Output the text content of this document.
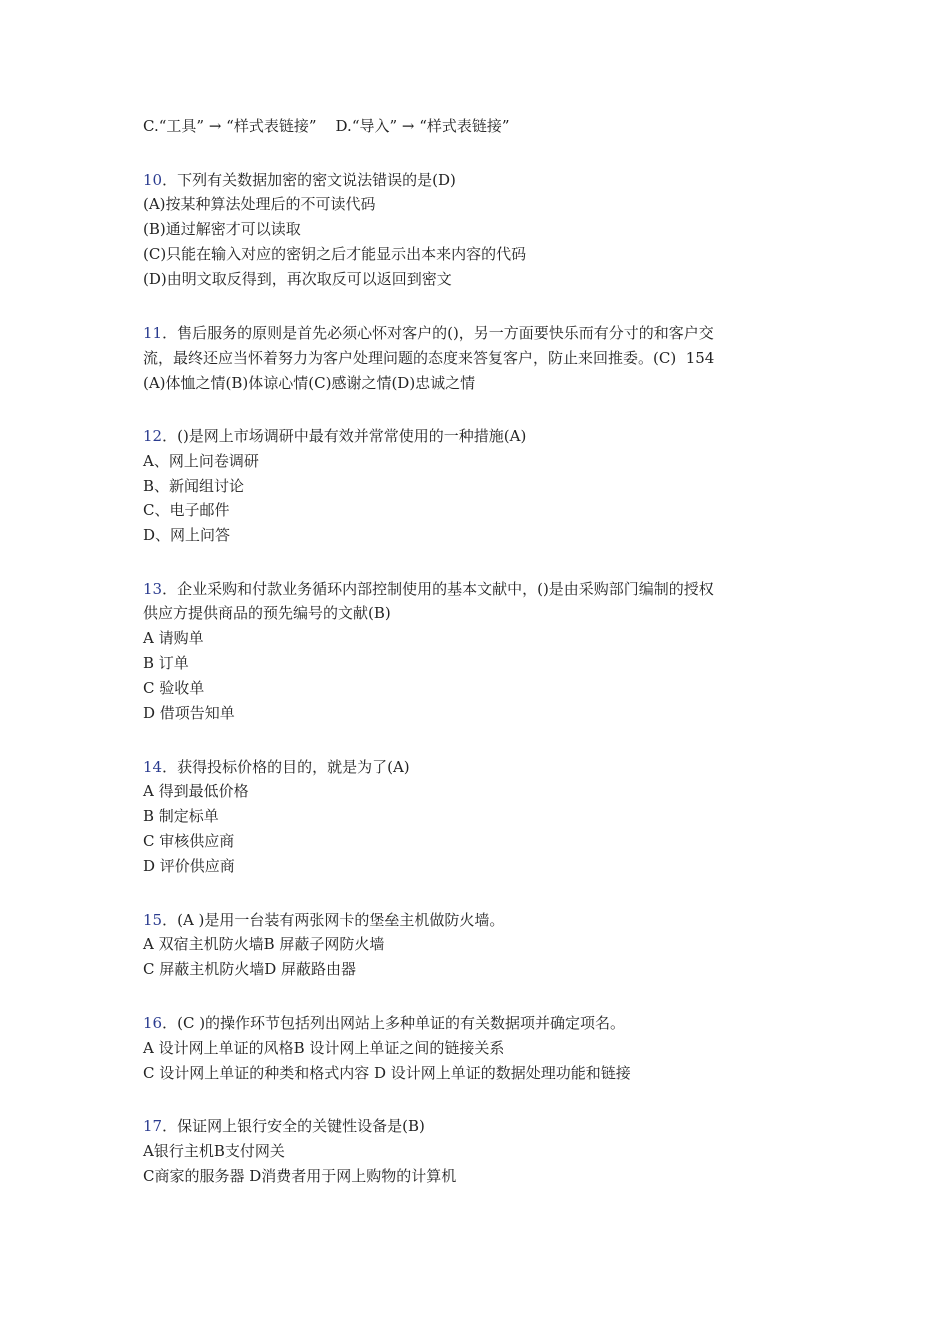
C.“工具” → “样式表链接”    D.“导入” → “样式表链接”
10．下列有关数据加密的密文说法错误的是(D)
(A)按某种算法处理后的不可读代码
(B)通过解密才可以读取
(C)只能在输入对应的密钥之后才能显示出本来内容的代码
(D)由明文取反得到，再次取反可以返回到密文
11．售后服务的原则是首先必须心怀对客户的()，另一方面要快乐而有分寸的和客户交
流，最终还应当怀着努力为客户处理问题的态度来答复客户，防止来回推委。(C)  154
(A)体恤之情(B)体谅心情(C)感谢之情(D)忠诚之情
12．()是网上市场调研中最有效并常常使用的一种措施(A)
A、网上问卷调研
B、新闻组讨论
C、电子邮件
D、网上问答
13．企业采购和付款业务循环内部控制使用的基本文献中，()是由采购部门编制的授权
供应方提供商品的预先编号的文献(B)
A 请购单
B 订单
C 验收单
D 借项告知单
14．获得投标价格的目的，就是为了(A)
A 得到最低价格
B 制定标单
C 审核供应商
D 评价供应商
15．(A )是用一台装有两张网卡的堡垒主机做防火墙。
A 双宿主机防火墙B 屏蔽子网防火墙
C 屏蔽主机防火墙D 屏蔽路由器
16．(C )的操作环节包括列出网站上多种单证的有关数据项并确定项名。
A 设计网上单证的风格B 设计网上单证之间的链接关系
C 设计网上单证的种类和格式内容 D 设计网上单证的数据处理功能和链接
17．保证网上银行安全的关键性设备是(B)
A银行主机B支付网关
C商家的服务器 D消费者用于网上购物的计算机
